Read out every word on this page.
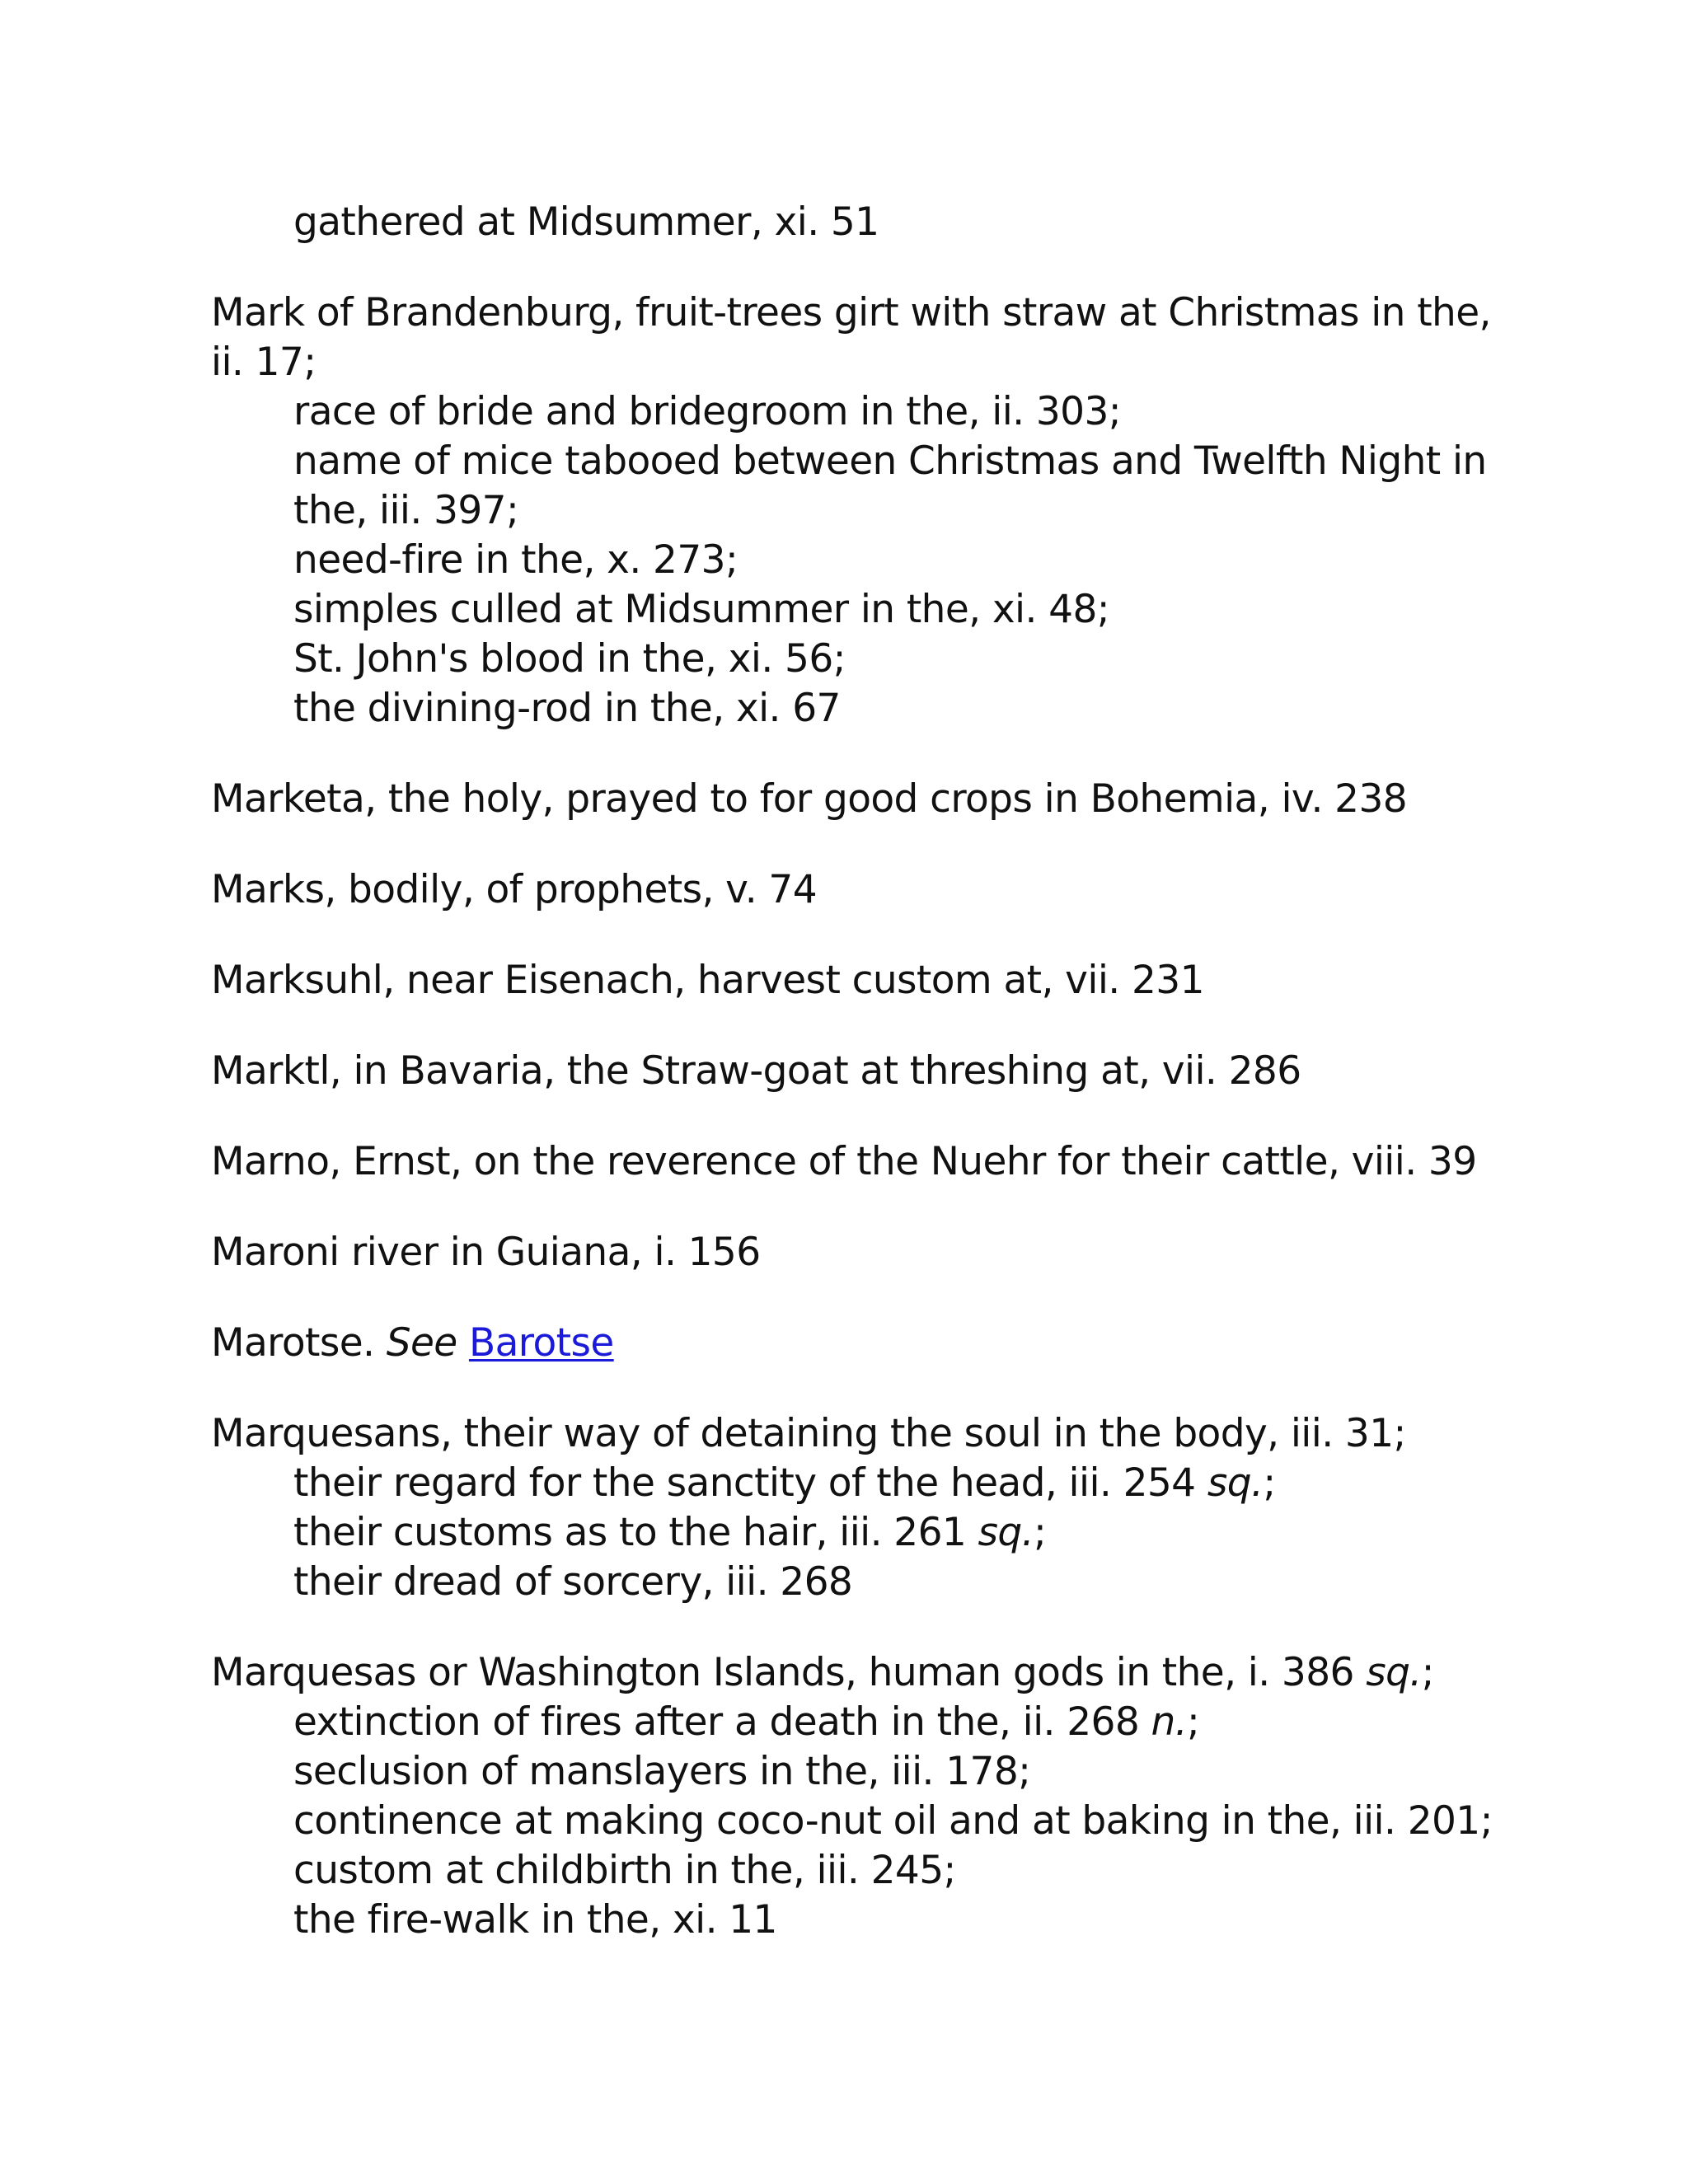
gathered at Midsummer, xi. 51
Mark of Brandenburg, fruit-trees girt with straw at Christmas in the, ii. 17;
race of bride and bridegroom in the, ii. 303;
name of mice tabooed between Christmas and Twelfth Night in the, iii. 397;
need-fire in the, x. 273;
simples culled at Midsummer in the, xi. 48;
St. John's blood in the, xi. 56;
the divining-rod in the, xi. 67
Marketa, the holy, prayed to for good crops in Bohemia, iv. 238
Marks, bodily, of prophets, v. 74
Marksuhl, near Eisenach, harvest custom at, vii. 231
Marktl, in Bavaria, the Straw-goat at threshing at, vii. 286
Marno, Ernst, on the reverence of the Nuehr for their cattle, viii. 39
Maroni river in Guiana, i. 156
Marotse. See Barotse
Marquesans, their way of detaining the soul in the body, iii. 31;
their regard for the sanctity of the head, iii. 254 sq.;
their customs as to the hair, iii. 261 sq.;
their dread of sorcery, iii. 268
Marquesas or Washington Islands, human gods in the, i. 386 sq.;
extinction of fires after a death in the, ii. 268 n.;
seclusion of manslayers in the, iii. 178;
continence at making coco-nut oil and at baking in the, iii. 201;
custom at childbirth in the, iii. 245;
the fire-walk in the, xi. 11
